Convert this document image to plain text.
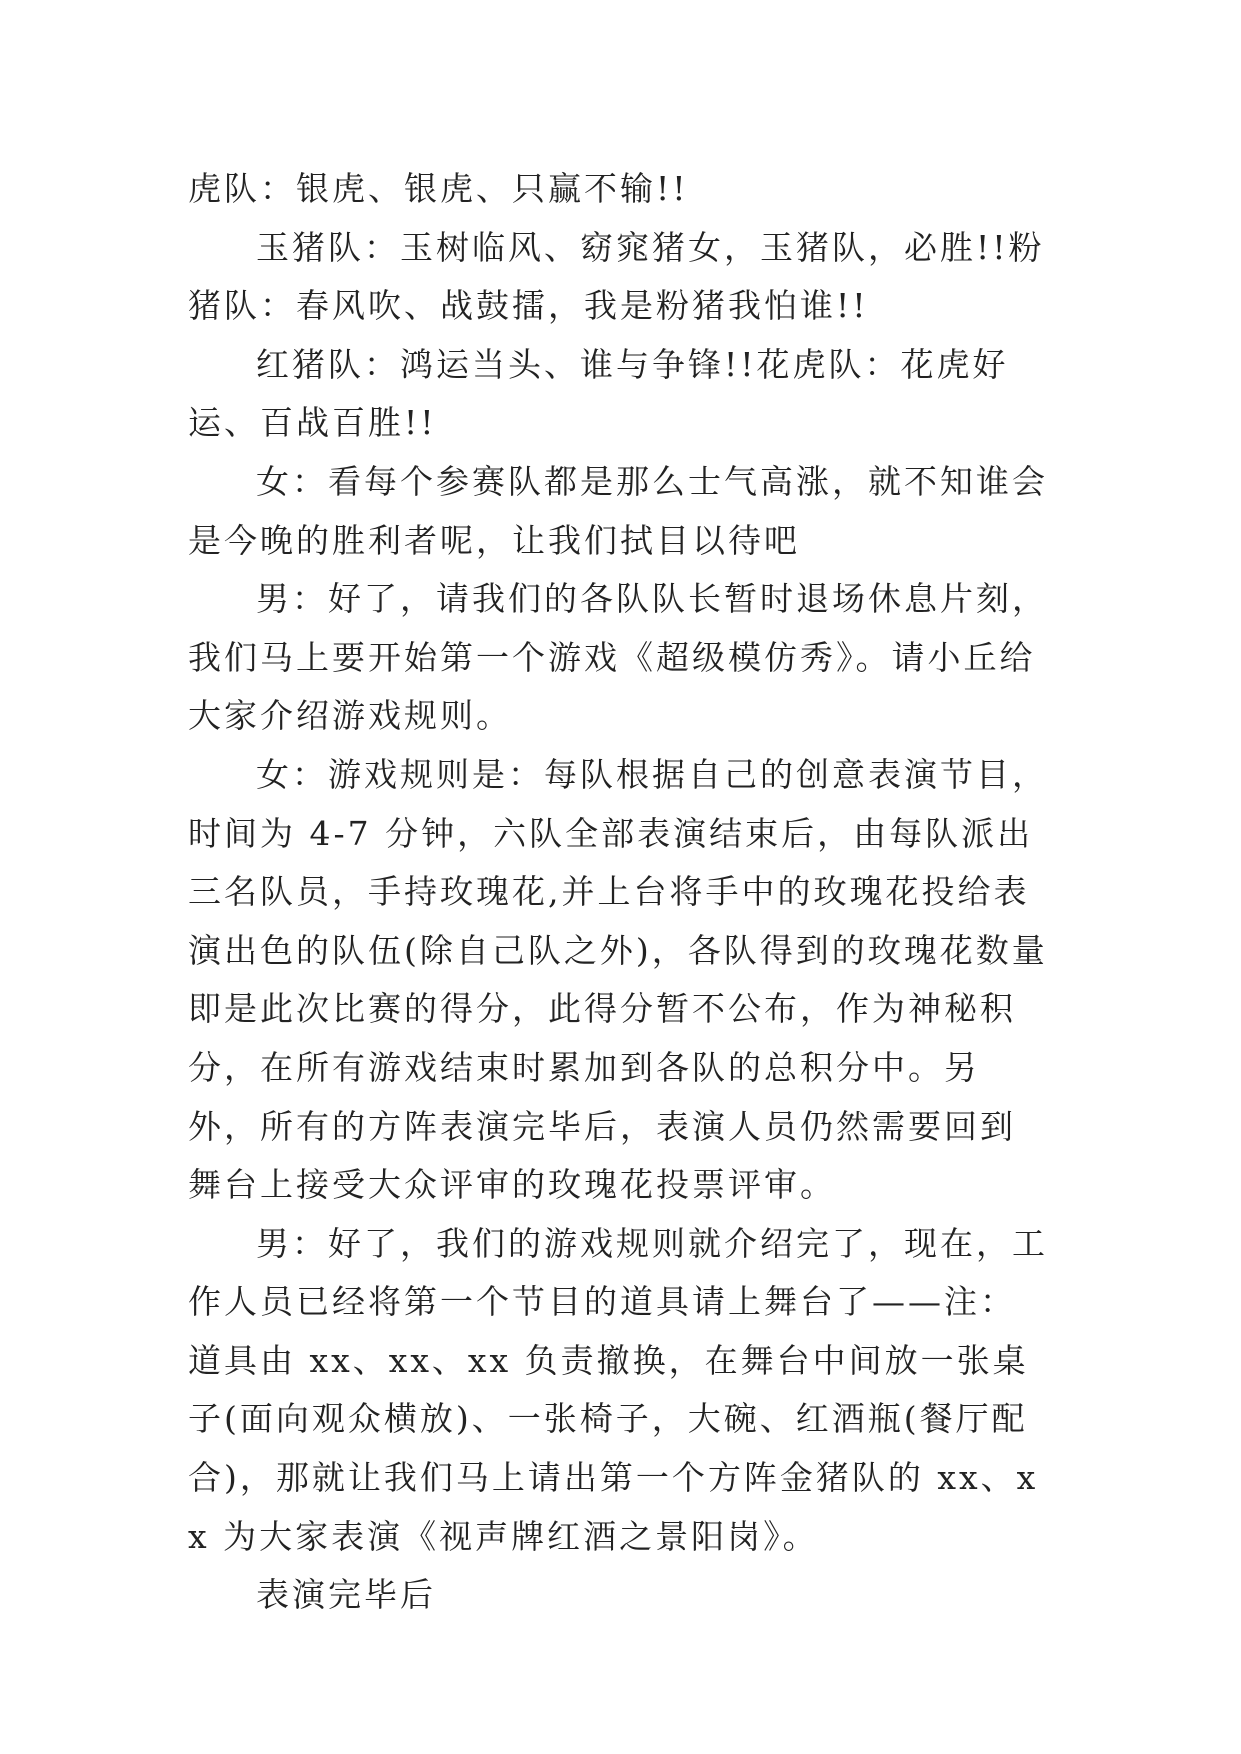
虎队：银虎、银虎、只赢不输!!

玉猪队：玉树临风、窈窕猪女，玉猪队，必胜!!粉猪队：春风吹、战鼓擂，我是粉猪我怕谁!!

红猪队：鸿运当头、谁与争锋!!花虎队：花虎好运、百战百胜!!

女：看每个参赛队都是那么士气高涨，就不知谁会是今晚的胜利者呢，让我们拭目以待吧

男：好了，请我们的各队队长暂时退场休息片刻，我们马上要开始第一个游戏《超级模仿秀》。请小丘给大家介绍游戏规则。

女：游戏规则是：每队根据自己的创意表演节目，时间为 4-7 分钟，六队全部表演结束后，由每队派出三名队员，手持玫瑰花,并上台将手中的玫瑰花投给表演出色的队伍(除自己队之外)，各队得到的玫瑰花数量即是此次比赛的得分，此得分暂不公布，作为神秘积分，在所有游戏结束时累加到各队的总积分中。另外，所有的方阵表演完毕后，表演人员仍然需要回到舞台上接受大众评审的玫瑰花投票评审。

男：好了，我们的游戏规则就介绍完了，现在，工作人员已经将第一个节目的道具请上舞台了——注：道具由 xx、xx、xx 负责撤换，在舞台中间放一张桌子(面向观众横放)、一张椅子，大碗、红酒瓶(餐厅配合)，那就让我们马上请出第一个方阵金猪队的 xx、xx 为大家表演《视声牌红酒之景阳岗》。

表演完毕后
